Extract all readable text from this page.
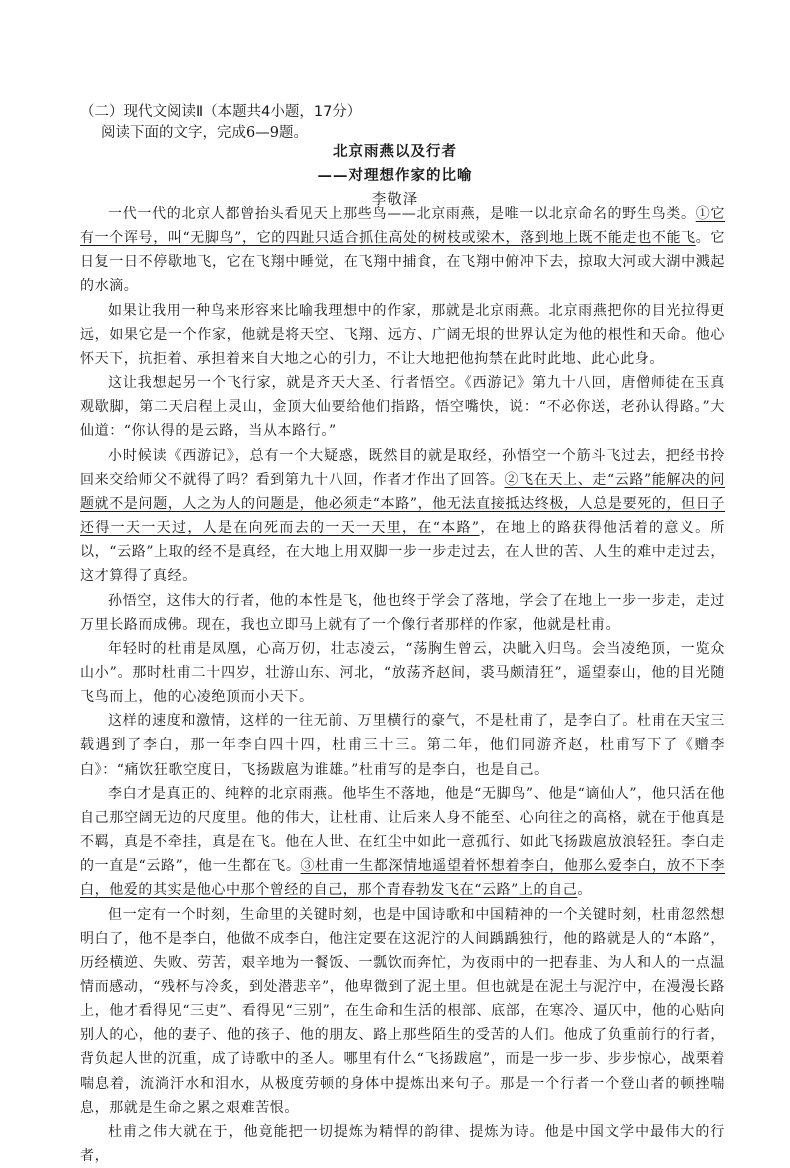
（二）现代文阅读Ⅱ（本题共4小题，17分）
阅读下面的文字，完成6—9题。
北京雨燕以及行者
——对理想作家的比喻
李敬泽

一代一代的北京人都曾抬头看见天上那些鸟——北京雨燕，是唯一以北京命名的野生鸟类。①它有一个诨号，叫“无脚鸟”，它的四趾只适合抓住高处的树枝或梁木，落到地上既不能走也不能飞。它日复一日不停歇地飞，它在飞翔中睡觉，在飞翔中捕食，在飞翔中俯冲下去，掠取大河或大湖中溅起的水滴。

如果让我用一种鸟来形容来比喻我理想中的作家，那就是北京雨燕。北京雨燕把你的目光拉得更远，如果它是一个作家，他就是将天空、飞翔、远方、广阔无垠的世界认定为他的根性和天命。他心怀天下，抗拒着、承担着来自大地之心的引力，不让大地把他拘禁在此时此地、此心此身。

这让我想起另一个飞行家，就是齐天大圣、行者悟空。《西游记》第九十八回，唐僧师徒在玉真观歇脚，第二天启程上灵山，金顶大仙要给他们指路，悟空嘴快，说：“不必你送，老孙认得路。”大仙道：“你认得的是云路，当从本路行。”

小时候读《西游记》，总有一个大疑惑，既然目的就是取经，孙悟空一个筋斗飞过去，把经书拎回来交给师父不就得了吗？看到第九十八回，作者才作出了回答。②飞在天上、走“云路”能解决的问题就不是问题，人之为人的问题是，他必须走“本路”，他无法直接抵达终极，人总是要死的，但日子还得一天一天过，人是在向死而去的一天一天里，在“本路”，在地上的路获得他活着的意义。所以，“云路”上取的经不是真经，在大地上用双脚一步一步走过去，在人世的苦、人生的难中走过去，这才算得了真经。

孙悟空，这伟大的行者，他的本性是飞，他也终于学会了落地，学会了在地上一步一步走，走过万里长路而成佛。现在，我也立即马上就有了一个像行者那样的作家，他就是杜甫。

年轻时的杜甫是凤凰，心高万仞，壮志凌云，“荡胸生曾云，决眦入归鸟。会当凌绝顶，一览众山小”。那时杜甫二十四岁，壮游山东、河北，“放荡齐赵间，裘马颇清狂”，遥望泰山，他的目光随飞鸟而上，他的心凌绝顶而小天下。

这样的速度和激情，这样的一往无前、万里横行的豪气，不是杜甫了，是李白了。杜甫在天宝三载遇到了李白，那一年李白四十四，杜甫三十三。第二年，他们同游齐赵，杜甫写下了《赠李白》：“痛饮狂歌空度日，飞扬跋扈为谁雄。”杜甫写的是李白，也是自己。

李白才是真正的、纯粹的北京雨燕。他毕生不落地，他是“无脚鸟”、他是“谪仙人”，他只活在他自己那空阔无边的尺度里。他的伟大，让杜甫、让后来人身不能至、心向往之的高格，就在于他真是不羁，真是不牵挂，真是在飞。他在人世、在红尘中如此一意孤行、如此飞扬跋扈放浪轻狂。李白走的一直是“云路”，他一生都在飞。③杜甫一生都深情地遥望着怀想着李白，他那么爱李白，放不下李白，他爱的其实是他心中那个曾经的自己，那个青春勃发飞在“云路”上的自己。

但一定有一个时刻，生命里的关键时刻，也是中国诗歌和中国精神的一个关键时刻，杜甫忽然想明白了，他不是李白，他做不成李白，他注定要在这泥泞的人间踽踽独行，他的路就是人的“本路”，历经横逆、失败、劳苦，艰辛地为一餐饭、一瓢饮而奔忙，为夜雨中的一把春韭、为人和人的一点温情而感动，“残杯与冷炙，到处潜悲辛”，他卑微到了泥土里。但也就是在泥土与泥泞中，在漫漫长路上，他才看得见“三吏”、看得见“三别”，在生命和生活的根部、底部，在寒冷、逼仄中，他的心贴向别人的心，他的妻子、他的孩子、他的朋友、路上那些陌生的受苦的人们。他成了负重前行的行者，背负起人世的沉重，成了诗歌中的圣人。哪里有什么“飞扬跋扈”，而是一步一步、步步惊心，战栗着喘息着，流淌汗水和泪水，从极度劳顿的身体中提炼出来句子。那是一个行者一个登山者的顿挫喘息，那就是生命之累之艰难苦恨。

杜甫之伟大就在于，他竟能把一切提炼为精悍的韵律、提炼为诗。他是中国文学中最伟大的行者，
